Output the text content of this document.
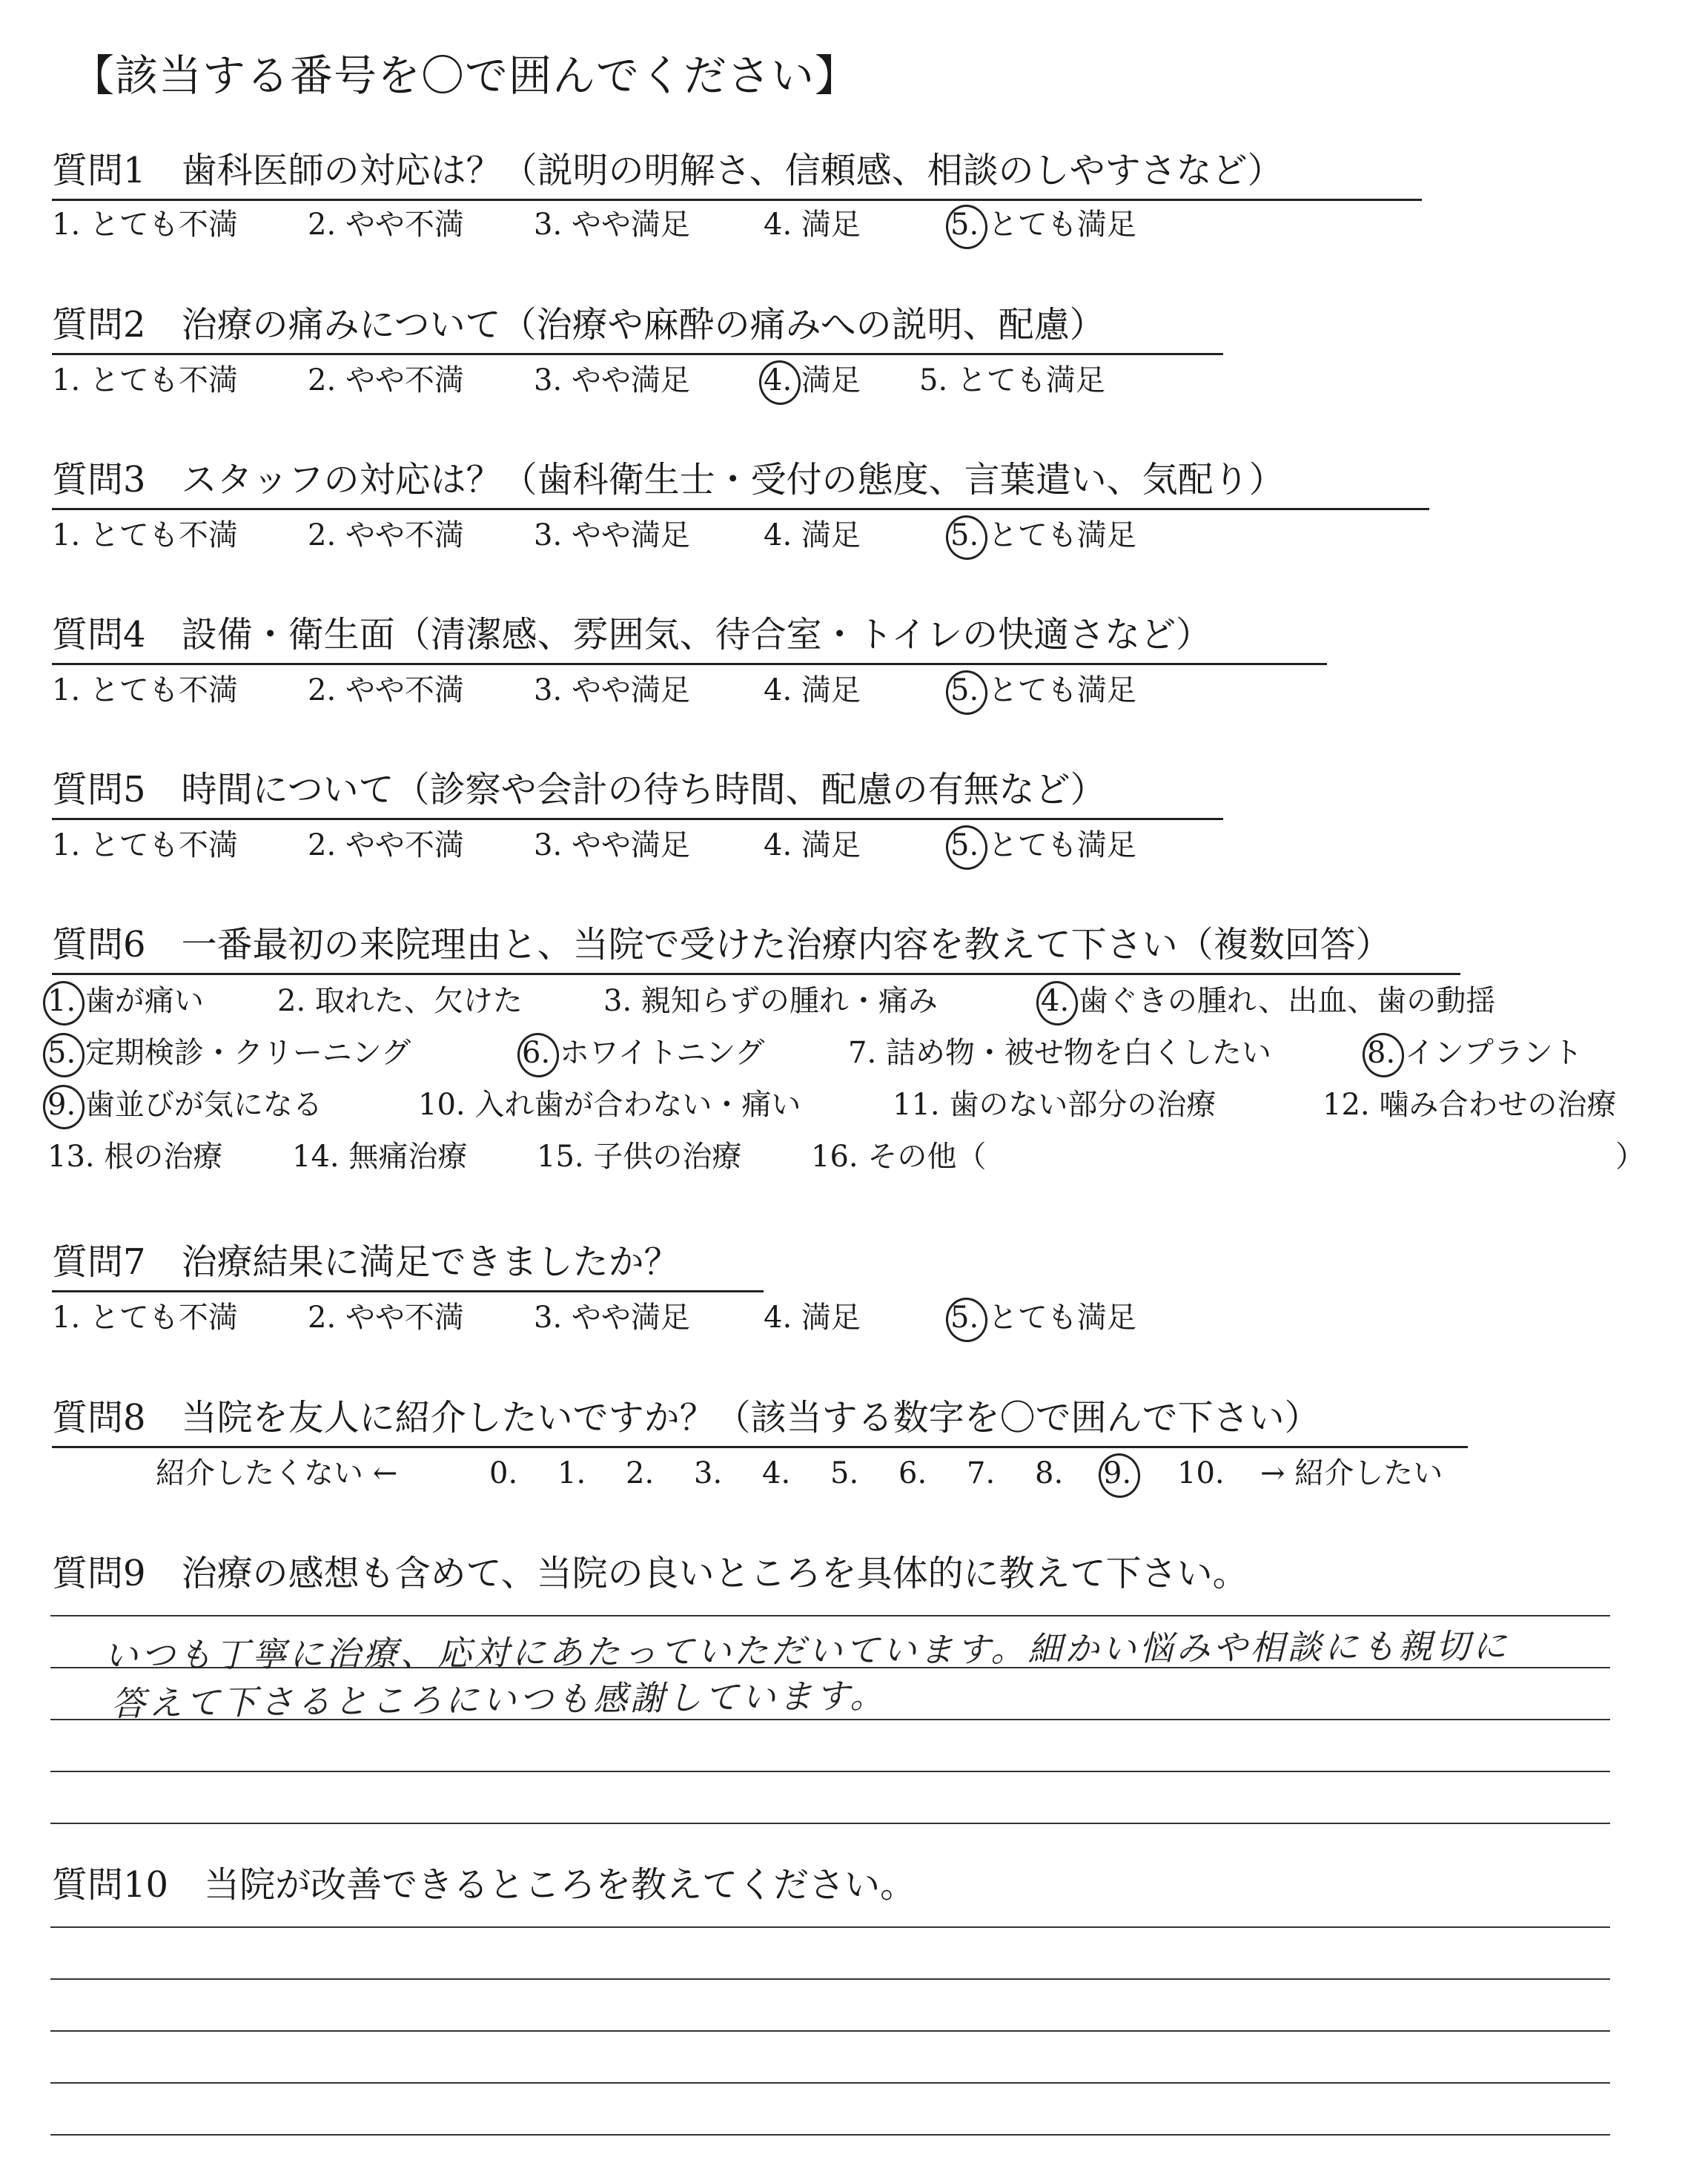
【該当する番号を〇で囲んでください】
質問1　 歯科医師の対応は？（説明の明解さ、信頼感、相談のしやすさなど）
1. とても不満 2. やや不満 3. やや満足 4. 満足	5. とても満足
質問2　 治療の痛みについて（治療や麻酔の痛みへの説明、配慮）
1. とても不満 2. やや不満 3. やや満足 4. 満足 5. とても満足
質問3　 スタッフの対応は？（歯科衛生士・受付の態度、言葉遣い、気配り）
1. とても不満 2. やや不満 3. やや満足 4. 満足	5. とても満足
質問4　 設備・衛生面（清潔感、雰囲気、待合室・トイレの快適さなど）
1. とても不満 2. やや不満 3. やや満足 4. 満足	5. とても満足
質問5　 時間について（診察や会計の待ち時間、配慮の有無など）
1. とても不満 2. やや不満 3. やや満足 4. 満足	5. とても満足
質問6　 一番最初の来院理由と、当院で受けた治療内容を教えて下さい（複数回答）
1. 歯が痛い 2. 取れた、欠けた	3. 親知らずの腫れ・痛み	4. 歯ぐきの腫れ、出血、歯の動揺
5. 定期検診・クリーニング	6. ホワイトニング	7. 詰め物・被せ物を白くしたい	8. インプラント
9. 歯並びが気になる	10. 入れ歯が合わない・痛い	11. 歯のない部分の治療	12. 噛み合わせの治療
13. 根の治療 14. 無痛治療 15. 子供の治療 16. その他（	）
質問7　 治療結果に満足できましたか？
1. とても不満 2. やや不満 3. やや満足 4. 満足	5. とても満足
質問8　 当院を友人に紹介したいですか？（該当する数字を〇で囲んで下さい）
紹介したくない ←	0. 1. 2. 3. 4. 5. 6. 7. 8. 9. 10. → 紹介したい
質問9　 治療の感想も含めて、当院の良いところを具体的に教えて下さい。
いつも丁寧に治療、応対にあたっていただいています。細かい悩みや相談にも親切に
答えて下さるところにいつも感謝しています。
質問10　 当院が改善できるところを教えてください。
